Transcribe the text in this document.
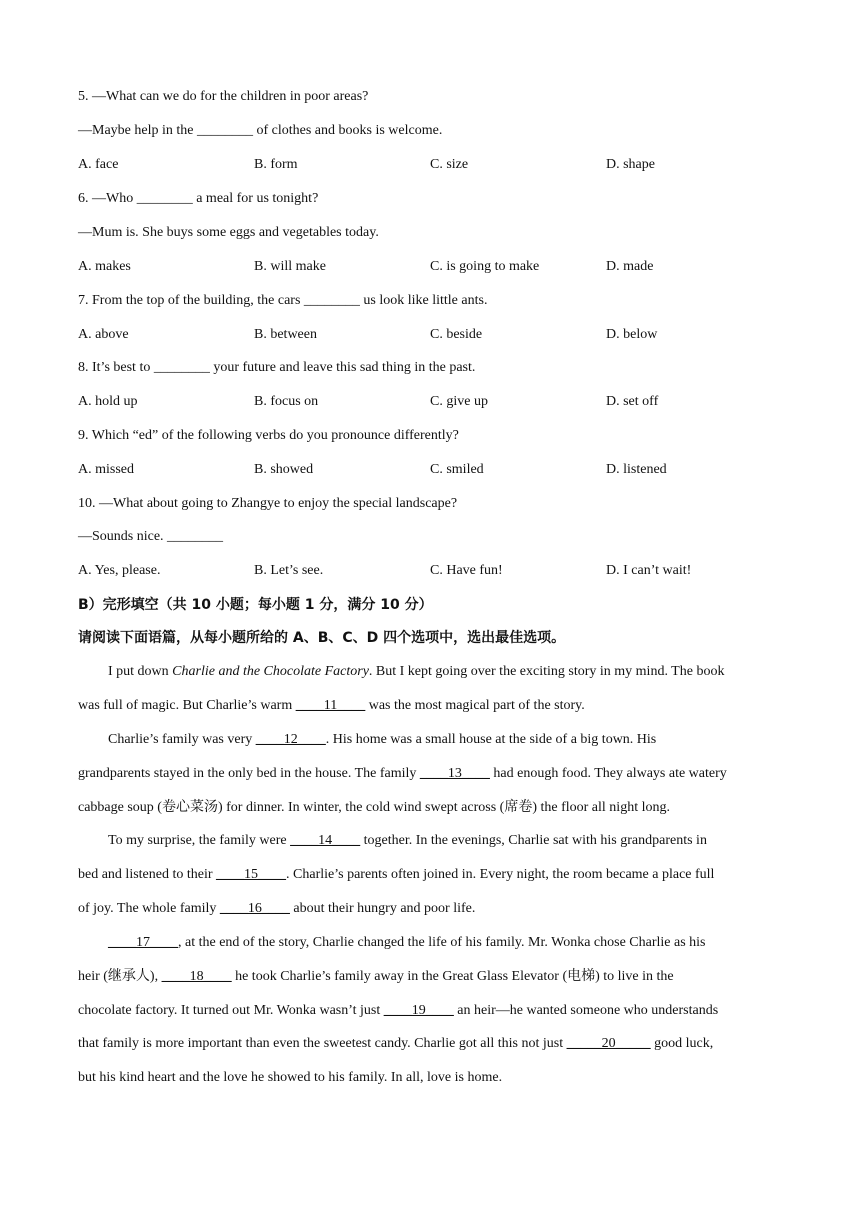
5. —What can we do for the children in poor areas?
—Maybe help in the ________ of clothes and books is welcome.
A. face	B. form	C. size	D. shape
6. —Who ________ a meal for us tonight?
—Mum is. She buys some eggs and vegetables today.
A. makes	B. will make	C. is going to make	D. made
7. From the top of the building, the cars ________ us look like little ants.
A. above	B. between	C. beside	D. below
8. It’s best to ________ your future and leave this sad thing in the past.
A. hold up	B. focus on	C. give up	D. set off
9. Which “ed” of the following verbs do you pronounce differently?
A. missed	B. showed	C. smiled	D. listened
10. —What about going to Zhangye to enjoy the special landscape?
—Sounds nice. ________
A. Yes, please.	B. Let’s see.	C. Have fun!	D. I can’t wait!
B）完形填空（共 10 小题；每小题 1 分，满分 10 分）
请阅读下面语篇，从每小题所给的 A、B、C、D 四个选项中，选出最佳选项。
I put down Charlie and the Chocolate Factory. But I kept going over the exciting story in my mind. The book
was full of magic. But Charlie’s warm ____11____ was the most magical part of the story.
Charlie’s family was very ____12____. His home was a small house at the side of a big town. His
grandparents stayed in the only bed in the house. The family ____13____ had enough food. They always ate watery
cabbage soup (卷心菜汤) for dinner. In winter, the cold wind swept across (席卷) the floor all night long.
To my surprise, the family were ____14____ together. In the evenings, Charlie sat with his grandparents in
bed and listened to their ____15____. Charlie’s parents often joined in. Every night, the room became a place full
of joy. The whole family ____16____ about their hungry and poor life.
____17____, at the end of the story, Charlie changed the life of his family. Mr. Wonka chose Charlie as his
heir (继承人), ____18____ he took Charlie’s family away in the Great Glass Elevator (电梯) to live in the
chocolate factory. It turned out Mr. Wonka wasn’t just ____19____ an heir—he wanted someone who understands
that family is more important than even the sweetest candy. Charlie got all this not just _____20_____ good luck,
but his kind heart and the love he showed to his family. In all, love is home.
